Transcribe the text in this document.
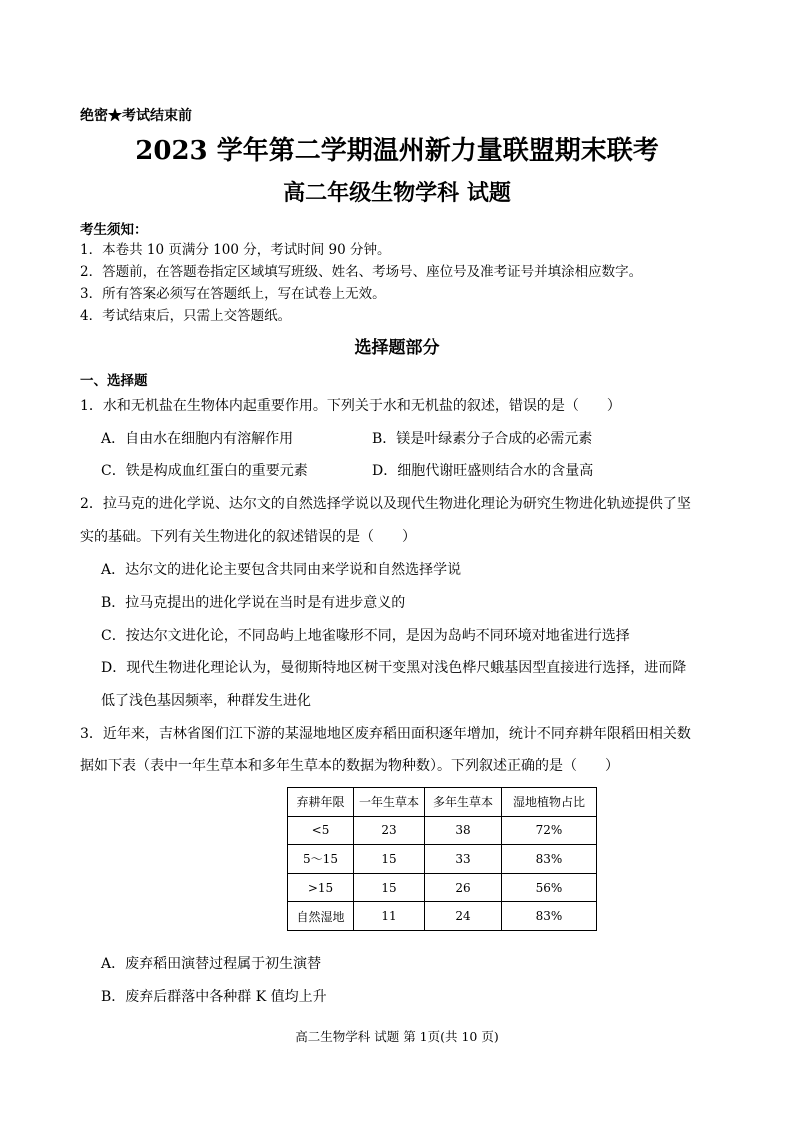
绝密★考试结束前
2023 学年第二学期温州新力量联盟期末联考
高二年级生物学科 试题
考生须知：
1．本卷共 10 页满分 100 分，考试时间 90 分钟。
2．答题前，在答题卷指定区域填写班级、姓名、考场号、座位号及准考证号并填涂相应数字。
3．所有答案必须写在答题纸上，写在试卷上无效。
4．考试结束后，只需上交答题纸。
选择题部分
一、选择题
1．水和无机盐在生物体内起重要作用。下列关于水和无机盐的叙述，错误的是（　　）
A．自由水在细胞内有溶解作用	B．镁是叶绿素分子合成的必需元素
C．铁是构成血红蛋白的重要元素	D．细胞代谢旺盛则结合水的含量高
2．拉马克的进化学说、达尔文的自然选择学说以及现代生物进化理论为研究生物进化轨迹提供了坚
实的基础。下列有关生物进化的叙述错误的是（　　）
A．达尔文的进化论主要包含共同由来学说和自然选择学说
B．拉马克提出的进化学说在当时是有进步意义的
C．按达尔文进化论，不同岛屿上地雀喙形不同，是因为岛屿不同环境对地雀进行选择
D．现代生物进化理论认为，曼彻斯特地区树干变黑对浅色桦尺蛾基因型直接进行选择，进而降
低了浅色基因频率，种群发生进化
3．近年来，吉林省图们江下游的某湿地地区废弃稻田面积逐年增加，统计不同弃耕年限稻田相关数
据如下表（表中一年生草本和多年生草本的数据为物种数）。下列叙述正确的是（　　）
弃耕年限	一年生草本	多年生草本	湿地植物占比
<5	23	38	72%
5～15	15	33	83%
>15	15	26	56%
自然湿地	11	24	83%
A．废弃稻田演替过程属于初生演替
B．废弃后群落中各种群 K 值均上升
高二生物学科 试题 第 1页(共 10 页)
